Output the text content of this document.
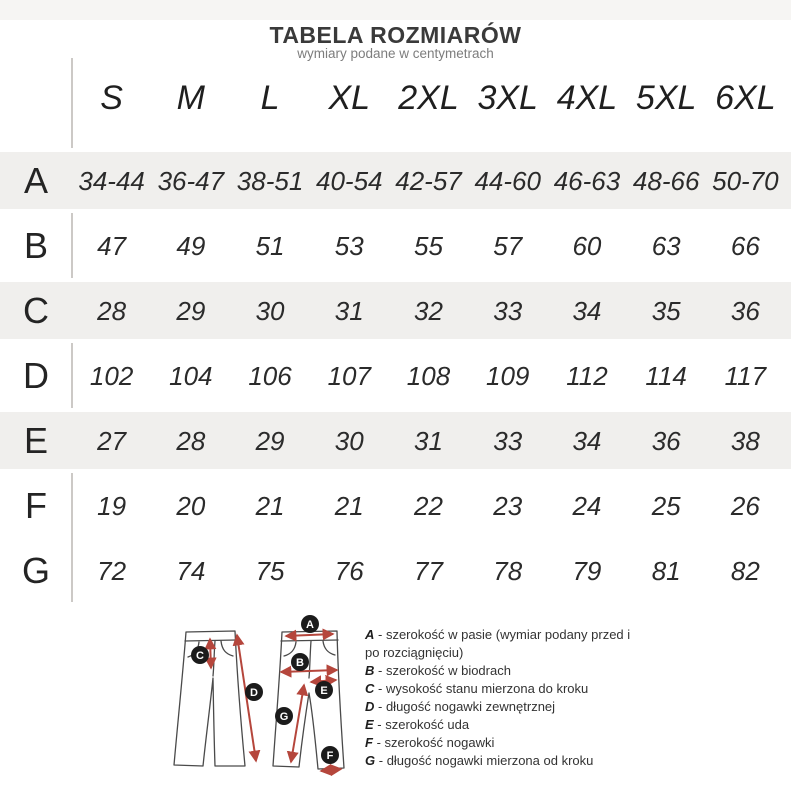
TABELA ROZMIARÓW
wymiary podane w centymetrach
S	M	L	XL 2XL 3XL 4XL 5XL 6XL
A	34-44 36-47 38-51 40-54 42-57 44-60 46-63 48-66 50-70
B	47	49	51	53	55	57	60	63	66
C	28	29	30	31	32	33	34	35	36
D	102	104	106	107	108	109	112	114	117
E	27	28	29	30	31	33	34	36	38
F	19	20	21	21	22	23	24	25	26
G	72	74	75	76	77	78	79	81	82
C
D
A
B
E
G
F
A - szerokość w pasie (wymiar podany przed i po rozciągnięciu)
B - szerokość w biodrach
C - wysokość stanu mierzona do kroku
D - długość nogawki zewnętrznej
E - szerokość uda
F - szerokość nogawki
G - długość nogawki mierzona od kroku
